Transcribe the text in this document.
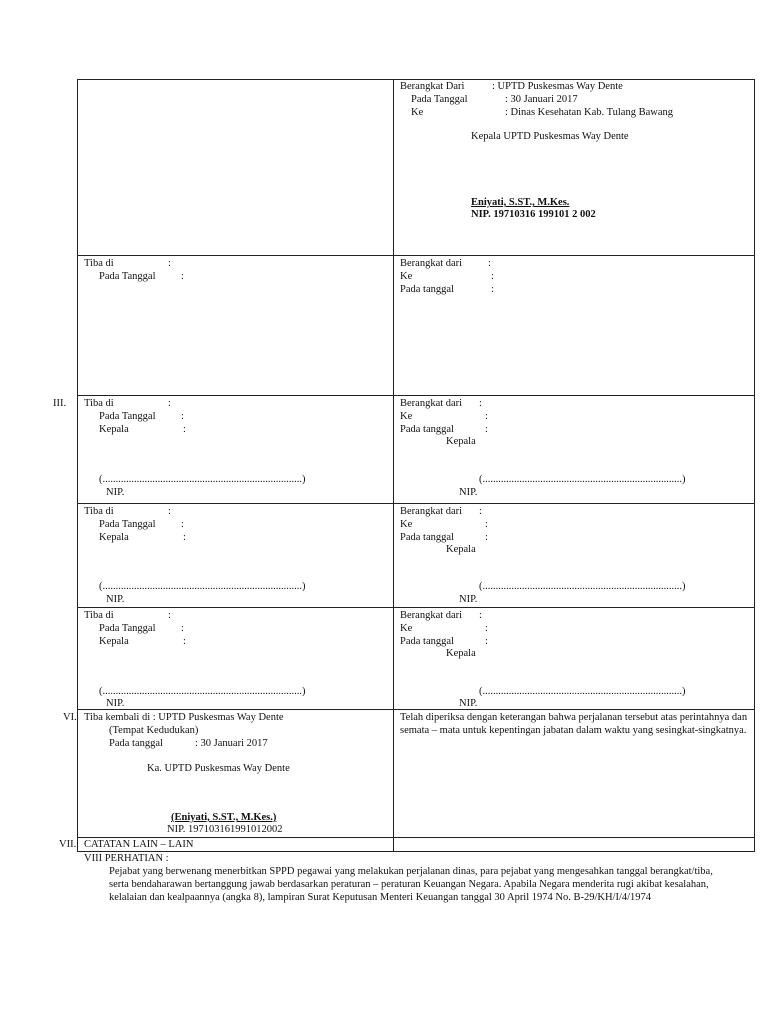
Berangkat Dari	: UPTD Puskesmas Way Dente
Pada Tanggal	: 30 Januari 2017
Ke	: Dinas Kesehatan Kab. Tulang Bawang
Kepala UPTD Puskesmas Way Dente
Eniyati, S.ST., M.Kes.
NIP. 19710316 199101 2 002
Tiba di	:
Pada Tanggal :
Berangkat dari :
Ke	:
Pada tanggal	:
III. Tiba di	:
Pada Tanggal :
Kepala	:
(............................................................................)
NIP.
Berangkat dari :
Ke	:
Pada tanggal	:
Kepala
(............................................................................)
NIP.
Tiba di	:
Pada Tanggal :
Kepala	:
(............................................................................)
NIP.
Berangkat dari :
Ke	:
Pada tanggal	:
Kepala
(............................................................................)
NIP.
Tiba di	:
Pada Tanggal :
Kepala	:
(............................................................................)
NIP.
Berangkat dari :
Ke	:
Pada tanggal	:
Kepala
(............................................................................)
NIP.
VI. Tiba kembali di : UPTD Puskesmas Way Dente
(Tempat Kedudukan)
Pada tanggal	: 30 Januari 2017
Ka. UPTD Puskesmas Way Dente
(Eniyati, S.ST., M.Kes.)
NIP. 197103161991012002
Telah diperiksa dengan keterangan bahwa perjalanan tersebut atas perintahnya dan semata – mata untuk kepentingan jabatan dalam waktu yang sesingkat-singkatnya.
VII. CATATAN LAIN – LAIN
VIII PERHATIAN :
Pejabat yang berwenang menerbitkan SPPD pegawai yang melakukan perjalanan dinas, para pejabat yang mengesahkan tanggal berangkat/tiba, serta bendaharawan bertanggung jawab berdasarkan peraturan – peraturan Keuangan Negara. Apabila Negara menderita rugi akibat kesalahan, kelalaian dan kealpaannya (angka 8), lampiran Surat Keputusan Menteri Keuangan tanggal 30 April 1974 No. B-29/KH/I/4/1974
